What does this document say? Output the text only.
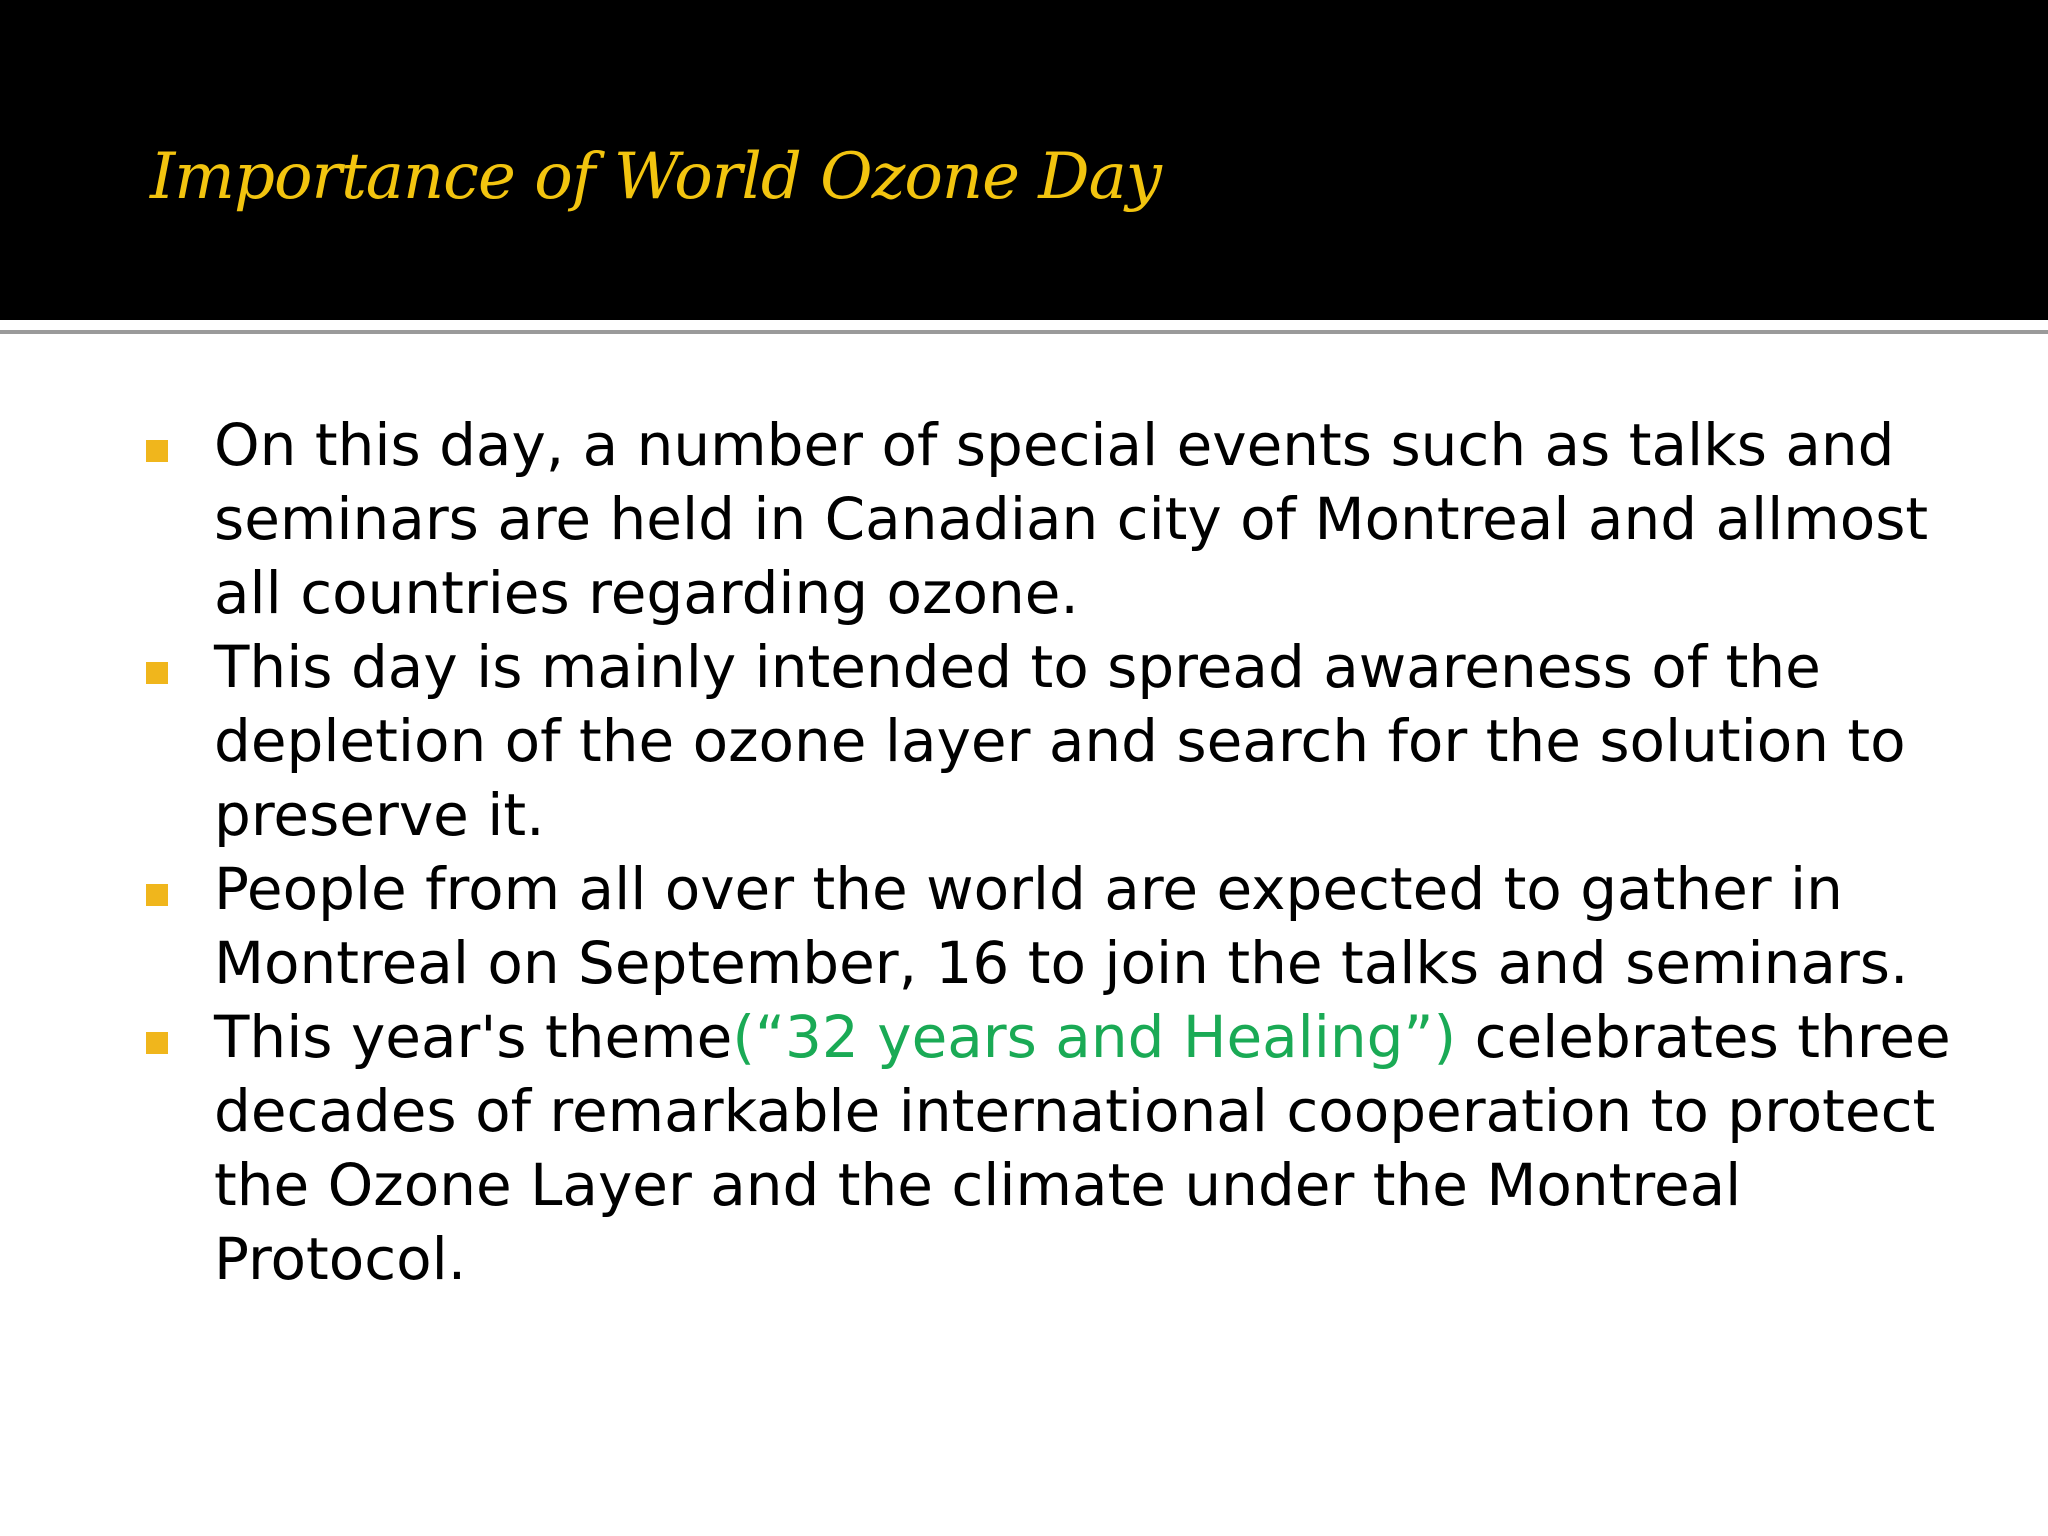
Importance of World Ozone Day
On this day, a number of special events such as talks and seminars are held in Canadian city of Montreal and allmost all countries regarding ozone.
This day is mainly intended to spread awareness of the depletion of the ozone layer and search for the solution to preserve it.
People from all over the world are expected to gather in Montreal on September, 16 to join the talks and seminars.
This year's theme(“32 years and Healing”) celebrates three decades of remarkable international cooperation to protect the Ozone Layer and the climate under the Montreal Protocol.
